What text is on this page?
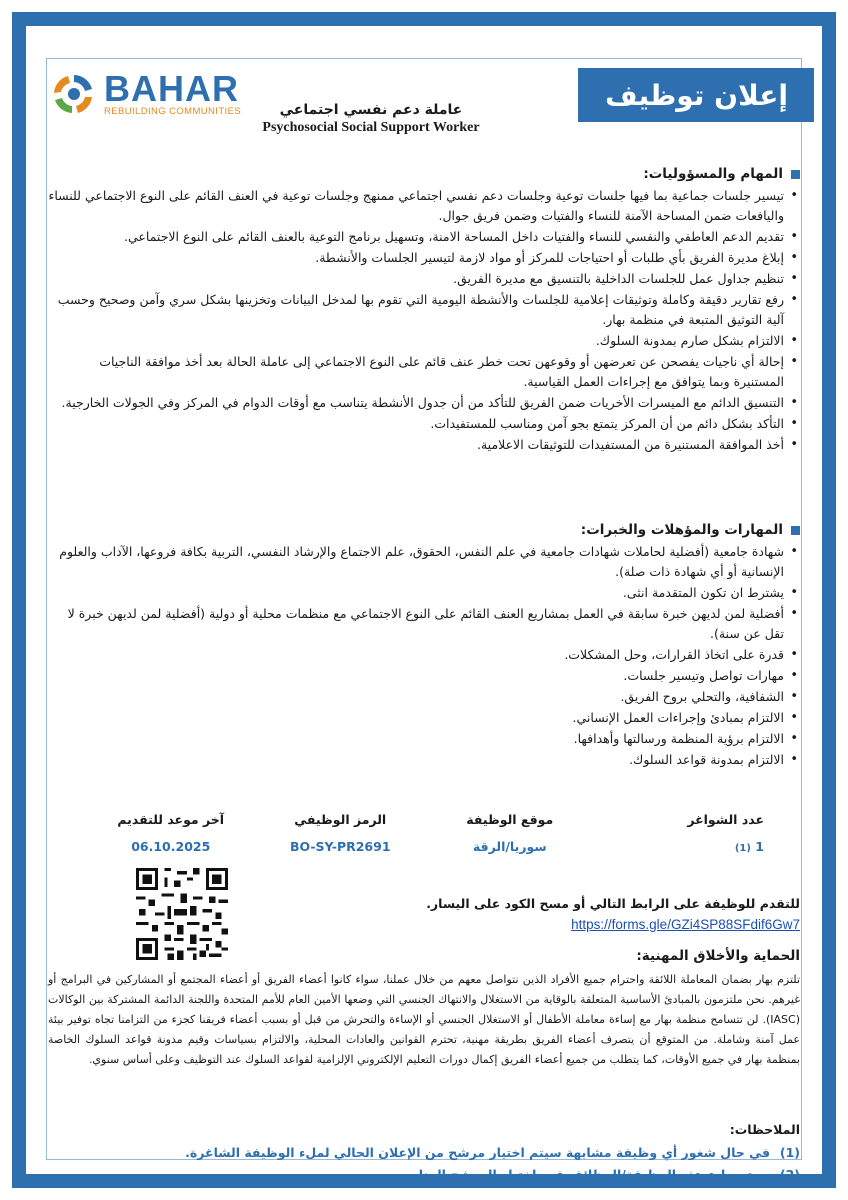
إعلان توظيف
BAHAR
REBUILDING COMMUNITIES	عاملة دعم نفسي اجتماعي
Psychosocial Social Support Worker
المهام والمسؤوليات:
• تيسير جلسات جماعية بما فيها جلسات توعية وجلسات دعم نفسي اجتماعي ممنهج وجلسات توعية في العنف القائم على النوع الاجتماعي للنساء واليافعات ضمن المساحة الآمنة للنساء والفتيات وضمن فريق جوال.
• تقديم الدعم العاطفي والنفسي للنساء والفتيات داخل المساحة الامنة، وتسهيل برنامج التوعية بالعنف القائم على النوع الاجتماعي.
• إبلاغ مديرة الفريق بأي طلبات أو احتياجات للمركز أو مواد لازمة لتيسير الجلسات والأنشطة.
• تنظيم جداول عمل للجلسات الداخلية بالتنسيق مع مديرة الفريق.
• رفع تقارير دقيقة وكاملة وتوثيقات إعلامية للجلسات والأنشطة اليومية التي تقوم بها لمدخل البيانات وتخزينها بشكل سري وآمن وصحيح وحسب آلية التوثيق المتبعة في منظمة بهار.
• الالتزام بشكل صارم بمدونة السلوك.
• إحالة أي ناجيات يفصحن عن تعرضهن أو وقوعهن تحت خطر عنف قائم على النوع الاجتماعي إلى عاملة الحالة بعد أخذ موافقة الناجيات المستنيرة وبما يتوافق مع إجراءات العمل القياسية.
• التنسيق الدائم مع الميسرات الأخريات ضمن الفريق للتأكد من أن جدول الأنشطة يتناسب مع أوقات الدوام في المركز وفي الجولات الخارجية.
• التأكد بشكل دائم من أن المركز يتمتع بجو آمن ومناسب للمستفيدات.
• أخذ الموافقة المستنيرة من المستفيدات للتوثيقات الاعلامية.
المهارات والمؤهلات والخبرات:
• شهادة جامعية (أفضلية لحاملات شهادات جامعية في علم النفس، الحقوق، علم الاجتماع والإرشاد النفسي، التربية بكافة فروعها، الآداب والعلوم الإنسانية أو أي شهادة ذات صلة).
• يشترط ان تكون المتقدمة انثى.
• أفضلية لمن لديهن خبرة سابقة في العمل بمشاريع العنف القائم على النوع الاجتماعي مع منظمات محلية أو دولية (أفضلية لمن لديهن خبرة لا تقل عن سنة).
• قدرة على اتخاذ القرارات، وحل المشكلات.
• مهارات تواصل وتيسير جلسات.
• الشفافية، والتحلي بروح الفريق.
• الالتزام بمبادئ وإجراءات العمل الإنساني.
• الالتزام برؤية المنظمة ورسالتها وأهدافها.
• الالتزام بمدونة قواعد السلوك.
عدد الشواغر
1 (1)
موقع الوظيفة
سوريا/الرقة
الرمز الوظيفي
BO-SY-PR2691
آخر موعد للتقديم
06.10.2025
للتقدم للوظيفة على الرابط التالي أو مسح الكود على اليسار.
https://forms.gle/GZi4SP88SFdif6Gw7
الحماية والأخلاق المهنية:
تلتزم بهار بضمان المعاملة اللائقة واحترام جميع الأفراد الذين نتواصل معهم من خلال عملنا، سواء كانوا أعضاء الفريق أو أعضاء المجتمع أو المشاركين في البرامج أو غيرهم. نحن ملتزمون بالمبادئ الأساسية المتعلقة بالوقاية من الاستغلال والانتهاك الجنسي التي وضعها الأمين العام للأمم المتحدة واللجنة الدائمة المشتركة بين الوكالات (IASC). لن تتسامح منظمة بهار مع إساءة معاملة الأطفال أو الاستغلال الجنسي أو الإساءة والتحرش من قبل أو بسبب أعضاء فريقنا كجزء من التزامنا تجاه توفير بيئة عمل آمنة وشاملة. من المتوقع أن يتصرف أعضاء الفريق بطريقة مهنية، تحترم القوانين والعادات المحلية، والالتزام بسياسات وقيم مدونة قواعد السلوك الخاصة بمنظمة بهار في جميع الأوقات، كما يتطلب من جميع أعضاء الفريق إكمال دورات التعليم الإلكتروني الإلزامية لقواعد السلوك عند التوظيف وعلى أساس سنوي.
الملاحظات:
(1)
في حال شغور أي وظيفة مشابهة سيتم اختيار مرشح من الإعلان الحالي لملء الوظيفة الشاغرة.
(2)
سيتم ملء هذه الوظيفة/الوظائف فور اختيار المرشح المناسب.
